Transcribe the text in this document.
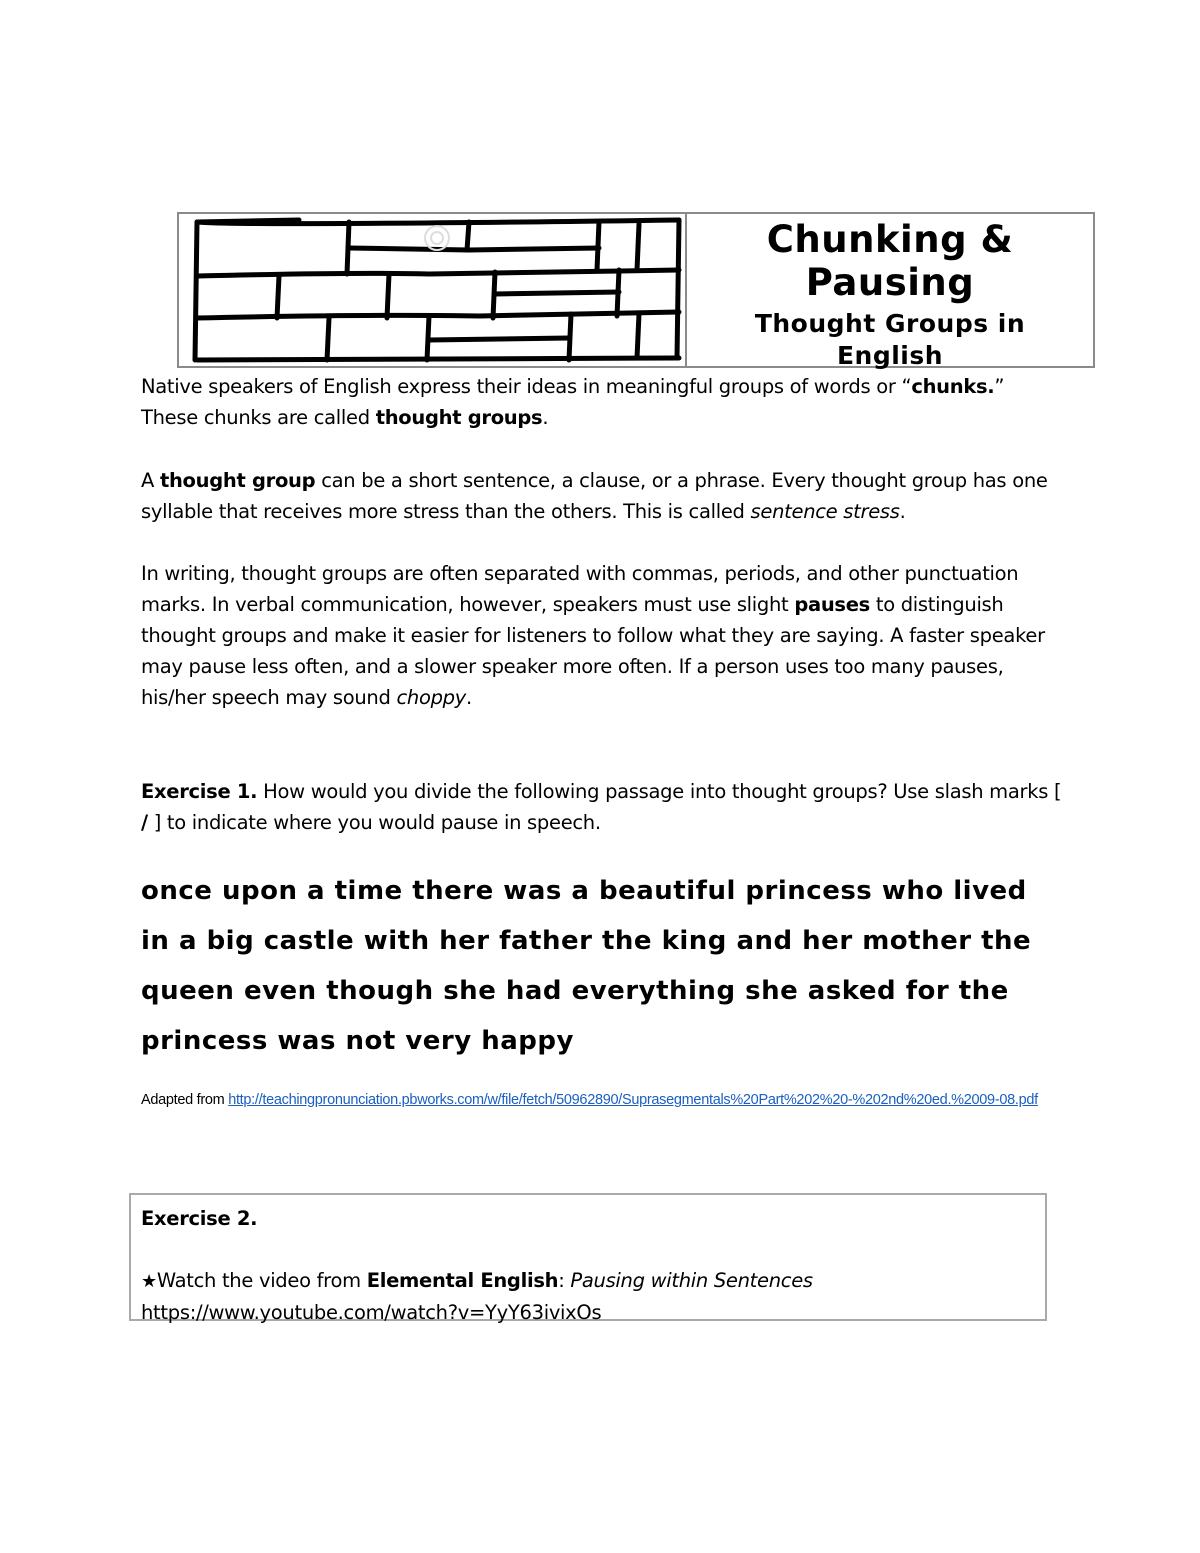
Chunking &
Pausing

Thought Groups in
English

Native speakers of English express their ideas in meaningful groups of words or “chunks.” These chunks are called thought groups.

A thought group can be a short sentence, a clause, or a phrase. Every thought group has one syllable that receives more stress than the others. This is called sentence stress.

In writing, thought groups are often separated with commas, periods, and other punctuation marks. In verbal communication, however, speakers must use slight pauses to distinguish thought groups and make it easier for listeners to follow what they are saying. A faster speaker may pause less often, and a slower speaker more often. If a person uses too many pauses, his/her speech may sound choppy.

Exercise 1. How would you divide the following passage into thought groups? Use slash marks [ / ] to indicate where you would pause in speech.

once upon a time there was a beautiful princess who lived
in a big castle with her father the king and her mother the
queen even though she had everything she asked for the
princess was not very happy
Adapted from http://teachingpronunciation.pbworks.com/w/file/fetch/50962890/Suprasegmentals%20Part%202%20-%202nd%20ed.%2009-08.pdf

Exercise 2.

★Watch the video from Elemental English: Pausing within Sentences

https://www.youtube.com/watch?v=YyY63ivixOs
